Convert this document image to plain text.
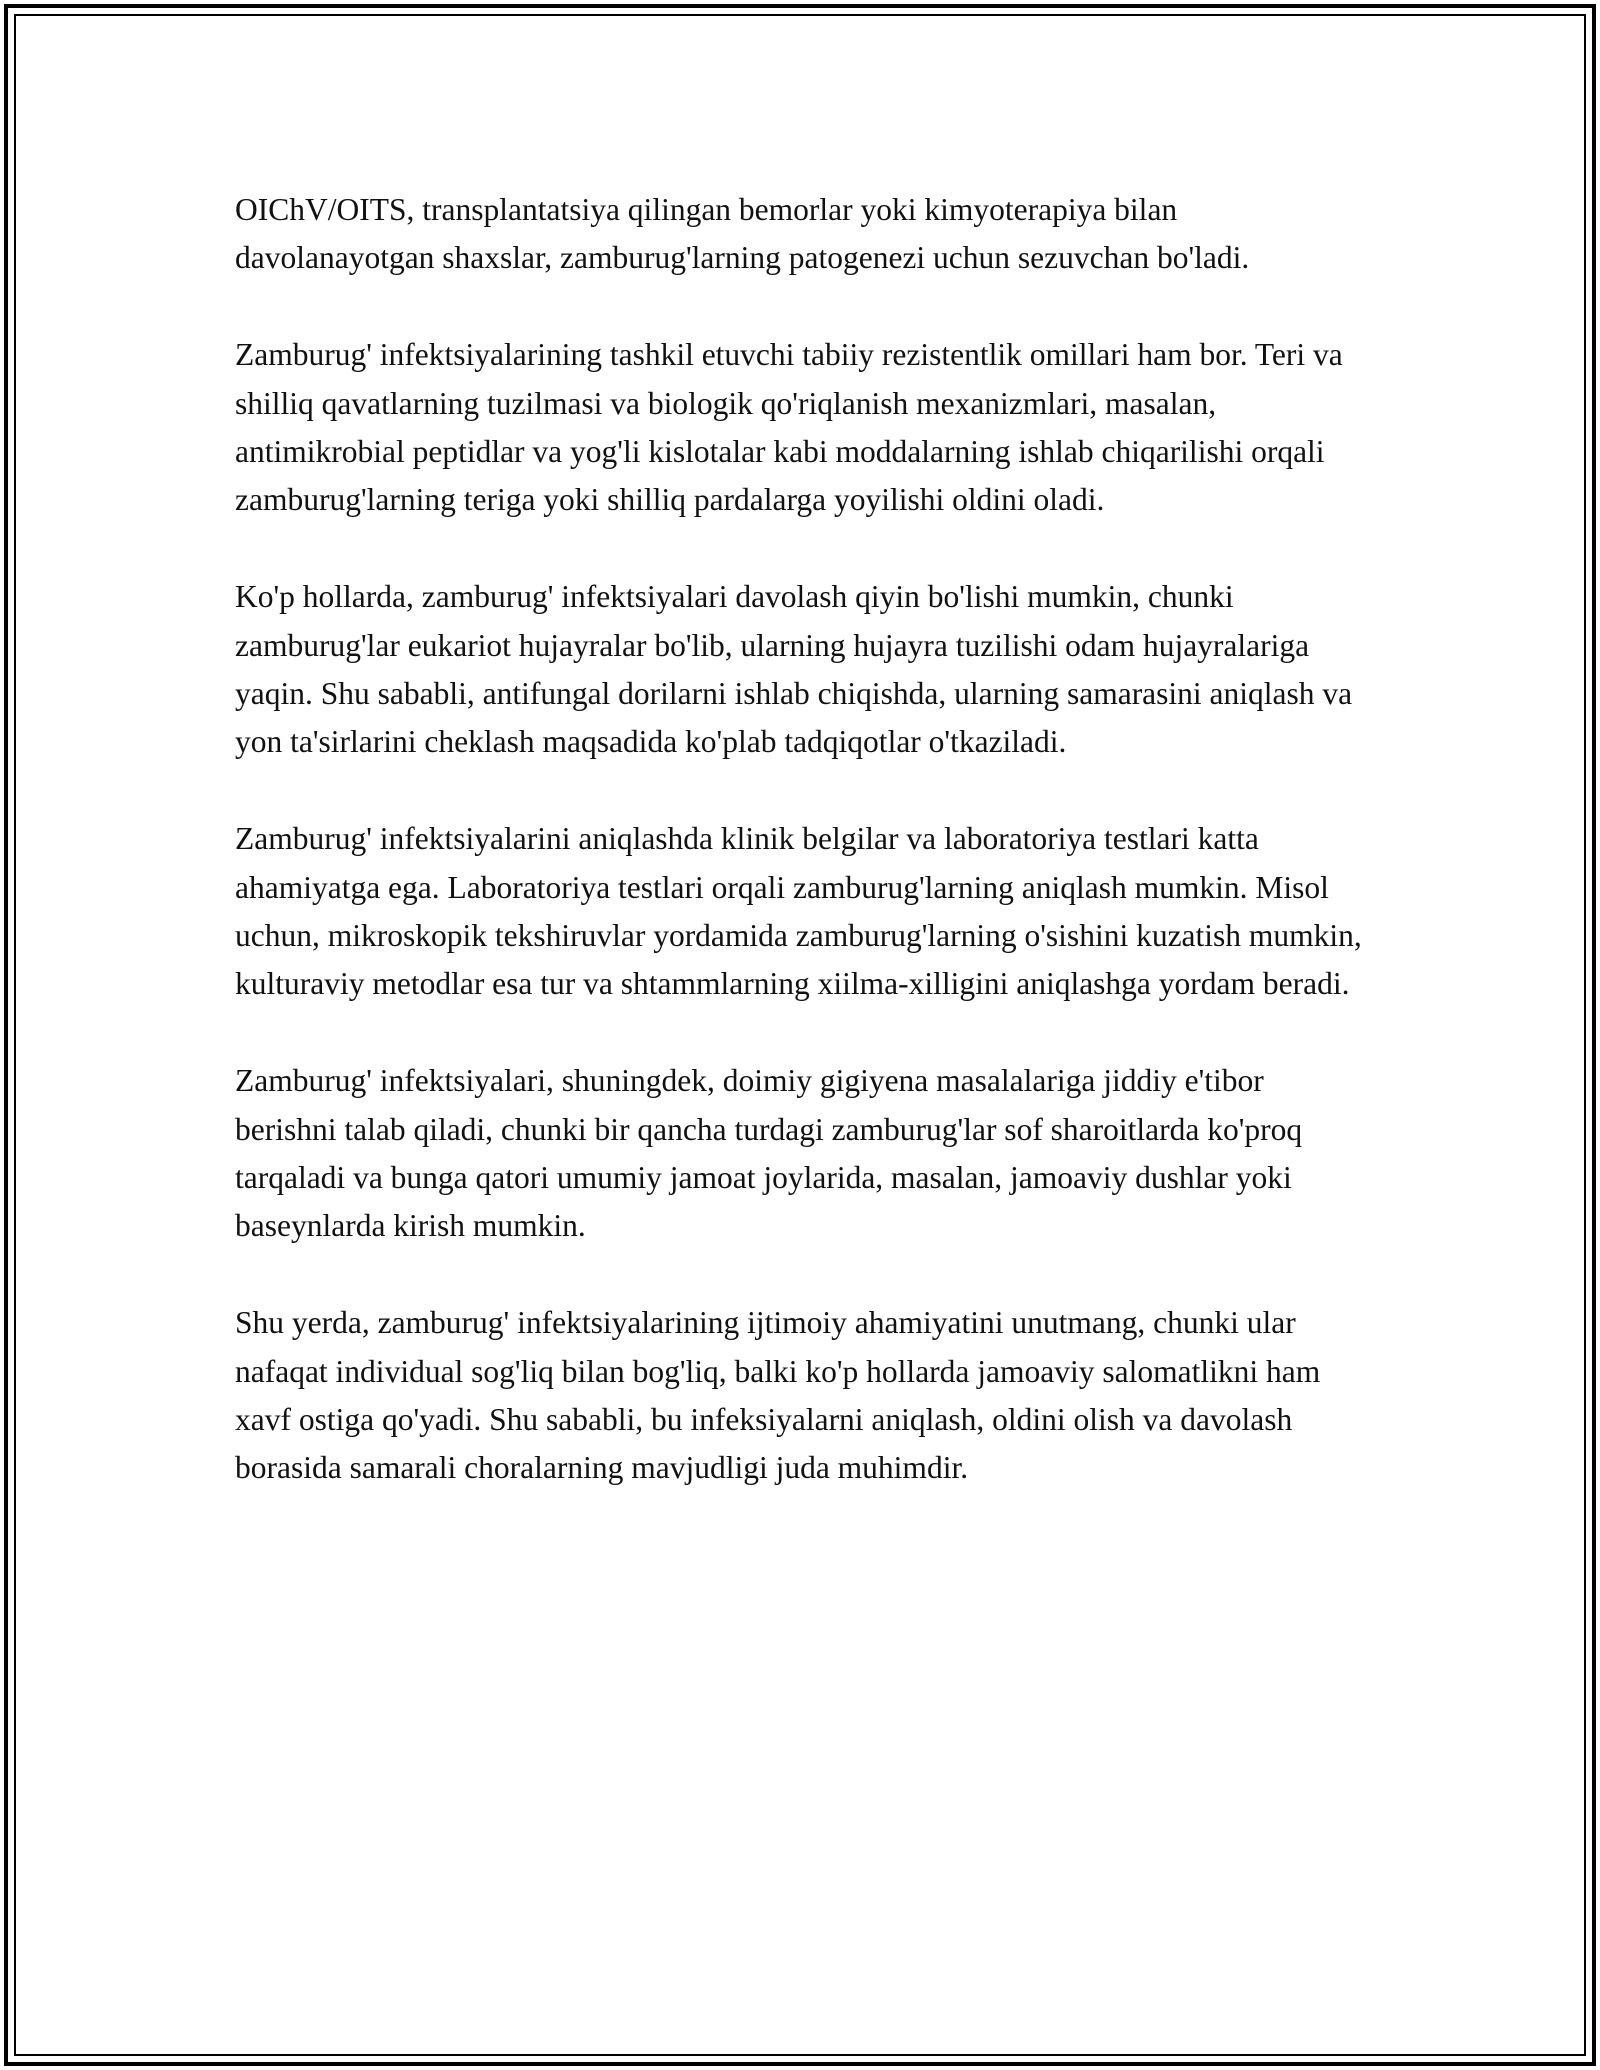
OIChV/OITS, transplantatsiya qilingan bemorlar yoki kimyoterapiya bilan davolanayotgan shaxslar, zamburug'larning patogenezi uchun sezuvchan bo'ladi.

Zamburug' infektsiyalarining tashkil etuvchi tabiiy rezistentlik omillari ham bor. Teri va shilliq qavatlarning tuzilmasi va biologik qo'riqlanish mexanizmlari, masalan, antimikrobial peptidlar va yog'li kislotalar kabi moddalarning ishlab chiqarilishi orqali zamburug'larning teriga yoki shilliq pardalarga yoyilishi oldini oladi.

Ko'p hollarda, zamburug' infektsiyalari davolash qiyin bo'lishi mumkin, chunki zamburug'lar eukariot hujayralar bo'lib, ularning hujayra tuzilishi odam hujayralariga yaqin. Shu sababli, antifungal dorilarni ishlab chiqishda, ularning samarasini aniqlash va yon ta'sirlarini cheklash maqsadida ko'plab tadqiqotlar o'tkaziladi.

Zamburug' infektsiyalarini aniqlashda klinik belgilar va laboratoriya testlari katta ahamiyatga ega. Laboratoriya testlari orqali zamburug'larning aniqlash mumkin. Misol uchun, mikroskopik tekshiruvlar yordamida zamburug'larning o'sishini kuzatish mumkin, kulturaviy metodlar esa tur va shtammlarning xiilma-xilligini aniqlashga yordam beradi.

Zamburug' infektsiyalari, shuningdek, doimiy gigiyena masalalariga jiddiy e'tibor berishni talab qiladi, chunki bir qancha turdagi zamburug'lar sof sharoitlarda ko'proq tarqaladi va bunga qatori umumiy jamoat joylarida, masalan, jamoaviy dushlar yoki baseynlarda kirish mumkin.

Shu yerda, zamburug' infektsiyalarining ijtimoiy ahamiyatini unutmang, chunki ular nafaqat individual sog'liq bilan bog'liq, balki ko'p hollarda jamoaviy salomatlikni ham xavf ostiga qo'yadi. Shu sababli, bu infeksiyalarni aniqlash, oldini olish va davolash borasida samarali choralarning mavjudligi juda muhimdir.
